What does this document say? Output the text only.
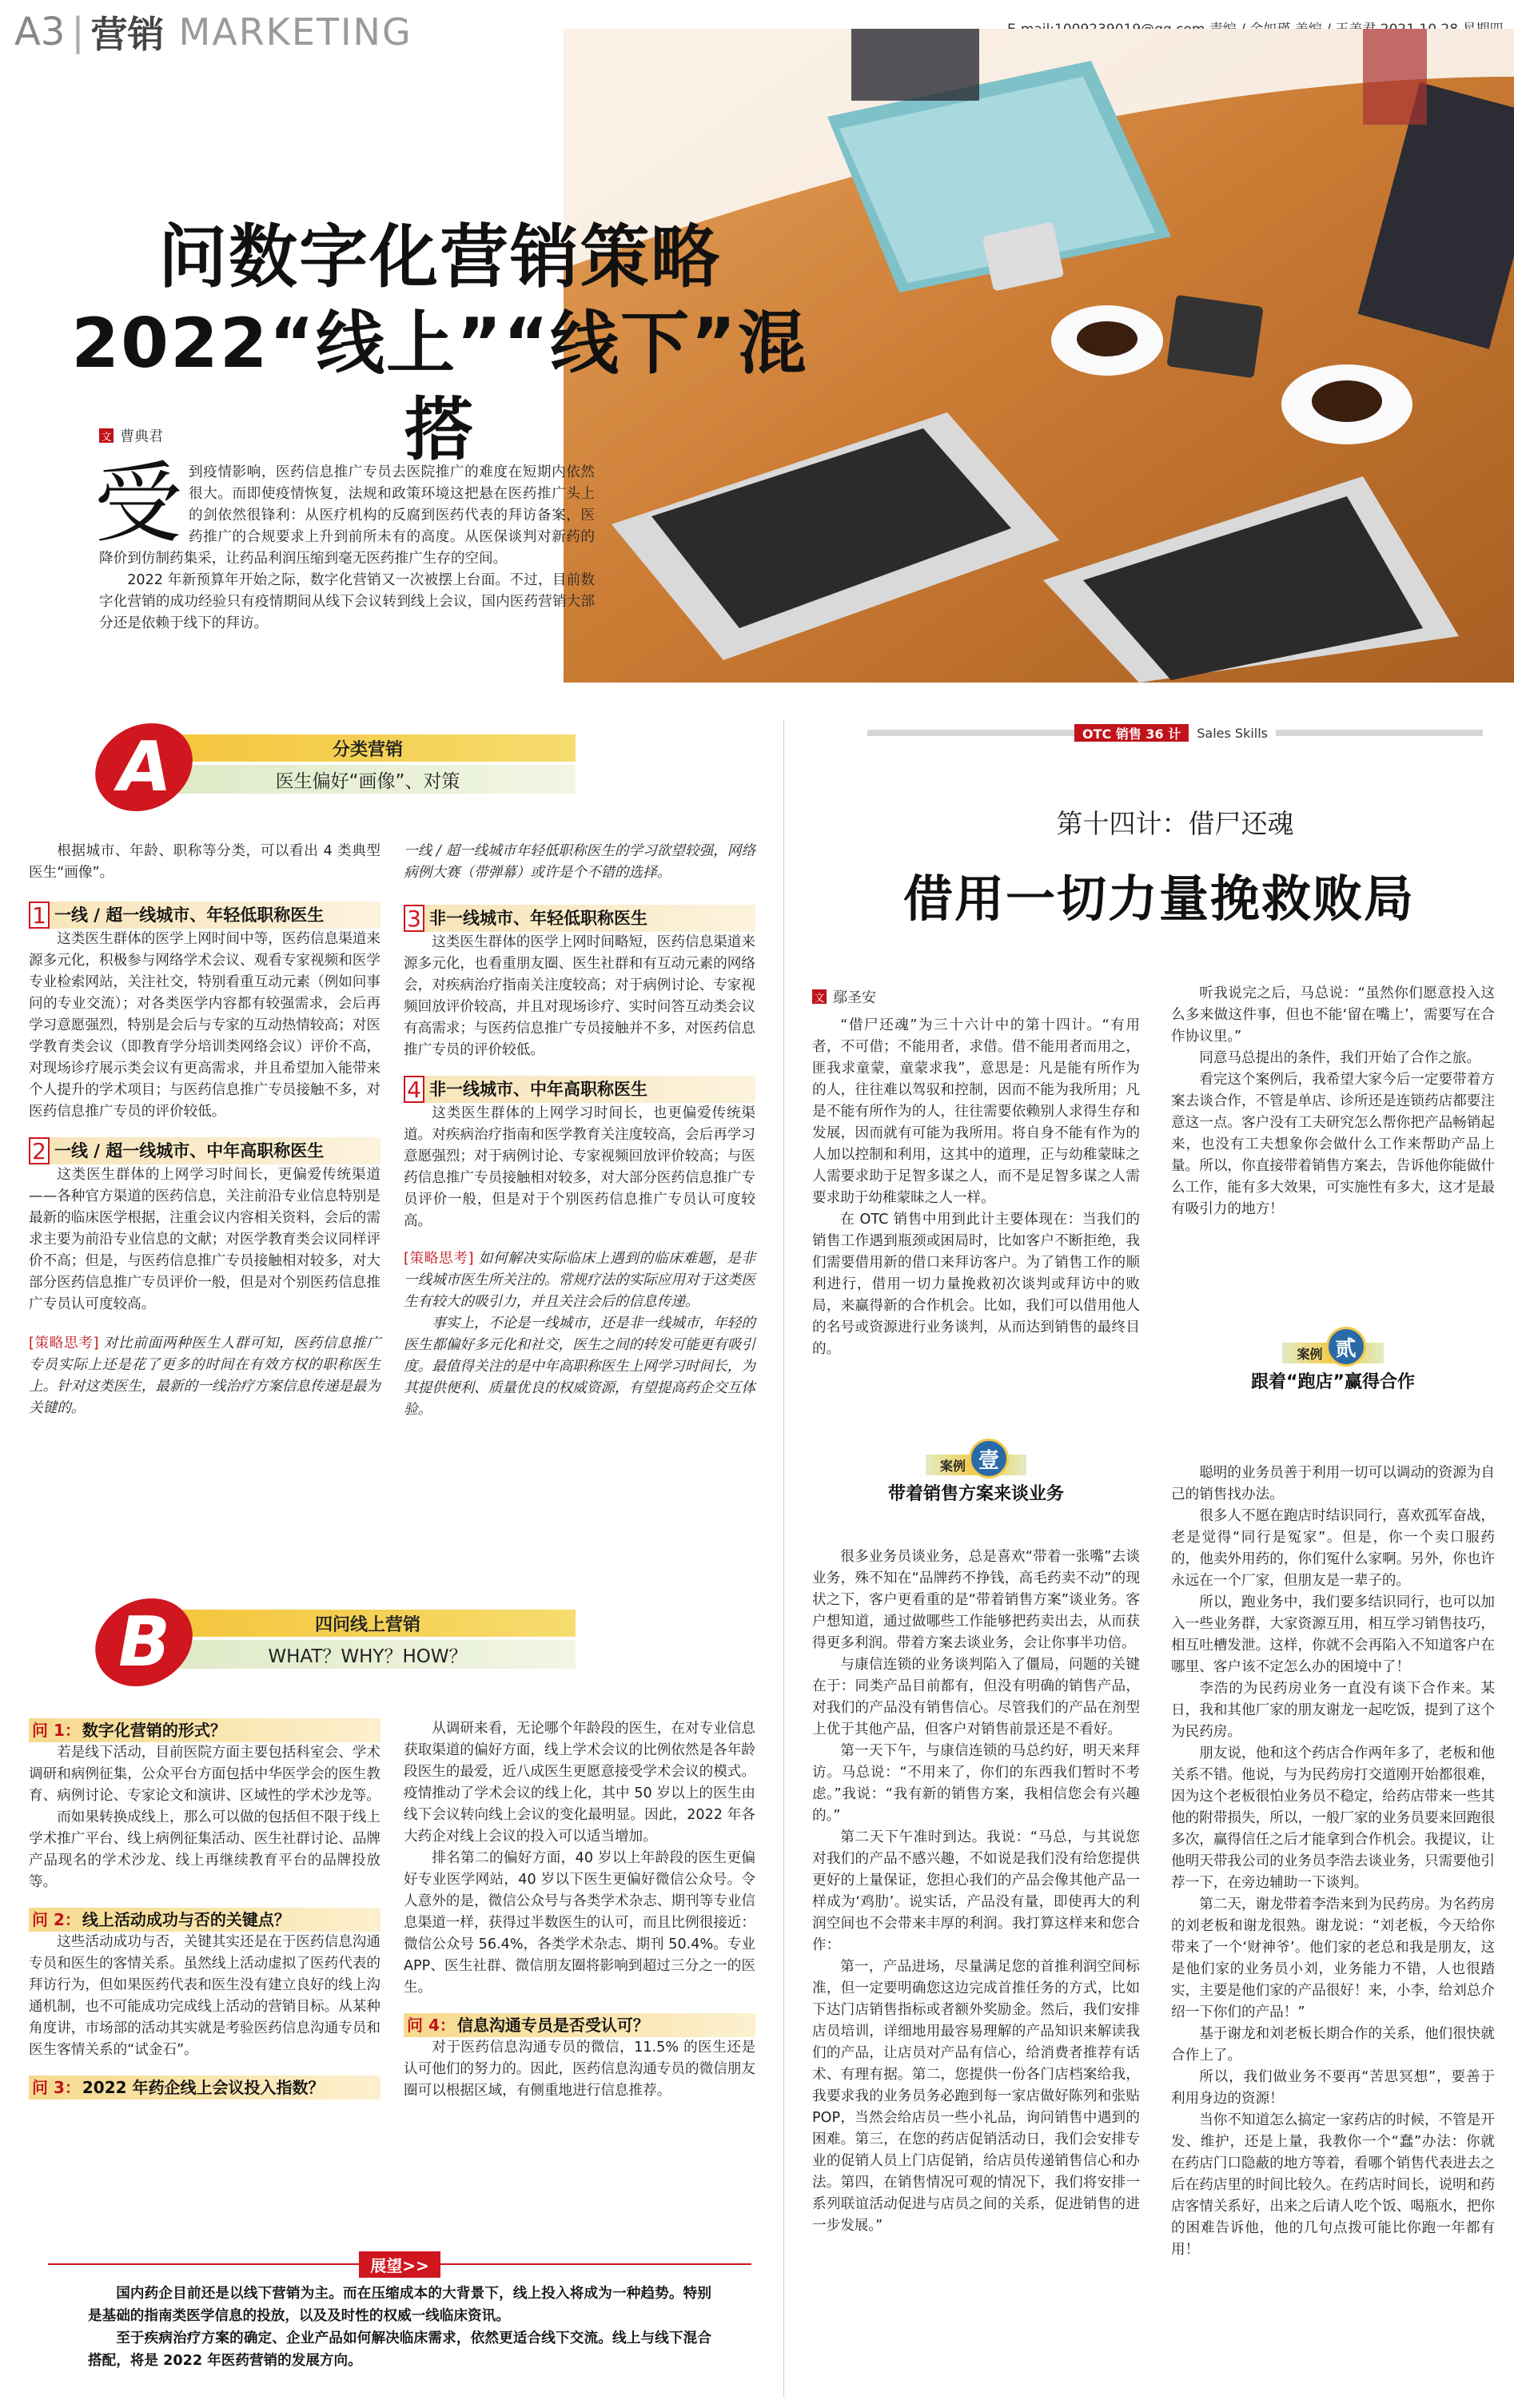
A3 | 营销 MARKETING
问数字化营销策略
2022“线上”“线下”混搭
文 曹典君
受 到疫情影响，医药信息推广专员去医院推广的难度在短期内依然很大。而即使疫情恢复，法规和政策环境这把悬在医药推广头上的剑依然很锋利：从医疗机构的反腐到医药代表的拜访备案，医药推广的合规要求上升到前所未有的高度。从医保谈判对新药的降价到仿制药集采，让药品利润压缩到毫无医药推广生存的空间。

2022 年新预算年开始之际，数字化营销又一次被摆上台面。不过，目前数字化营销的成功经验只有疫情期间从线下会议转到线上会议，国内医药营销大部分还是依赖于线下的拜访。

分类营销
医生偏好“画像”、对策
A

根据城市、年龄、职称等分类，可以看出 4 类典型医生“画像”。

1 一线 / 超一线城市、年轻低职称医生

这类医生群体的医学上网时间中等，医药信息渠道来源多元化，积极参与网络学术会议、观看专家视频和医学专业检索网站，关注社交，特别看重互动元素（例如问事问的专业交流）；对各类医学内容都有较强需求，会后再学习意愿强烈，特别是会后与专家的互动热情较高；对医学教育类会议（即教育学分培训类网络会议）评价不高，对现场诊疗展示类会议有更高需求，并且希望加入能带来个人提升的学术项目；与医药信息推广专员接触不多，对医药信息推广专员的评价较低。

2 一线 / 超一线城市、中年高职称医生

这类医生群体的上网学习时间长，更偏爱传统渠道——各种官方渠道的医药信息，关注前沿专业信息特别是最新的临床医学根据，注重会议内容相关资料，会后的需求主要为前沿专业信息的文献；对医学教育类会议同样评价不高；但是，与医药信息推广专员接触相对较多，对大部分医药信息推广专员评价一般，但是对个别医药信息推广专员认可度较高。

[策略思考] 对比前面两种医生人群可知，医药信息推广专员实际上还是花了更多的时间在有效方权的职称医生上。针对这类医生，最新的一线治疗方案信息传递是最为关键的。
一线 / 超一线城市年轻低职称医生的学习欲望较强，网络病例大赛（带弹幕）或许是个不错的选择。
3 非一线城市、年轻低职称医生

这类医生群体的医学上网时间略短，医药信息渠道来源多元化，也看重朋友圈、医生社群和有互动元素的网络会，对疾病治疗指南关注度较高；对于病例讨论、专家视频回放评价较高，并且对现场诊疗、实时问答互动类会议有高需求；与医药信息推广专员接触并不多，对医药信息推广专员的评价较低。

4 非一线城市、中年高职称医生

这类医生群体的上网学习时间长，也更偏爱传统渠道。对疾病治疗指南和医学教育关注度较高，会后再学习意愿强烈；对于病例讨论、专家视频回放评价较高；与医药信息推广专员接触相对较多，对大部分医药信息推广专员评价一般，但是对于个别医药信息推广专员认可度较高。

[策略思考] 如何解决实际临床上遇到的临床难题，是非一线城市医生所关注的。常规疗法的实际应用对于这类医生有较大的吸引力，并且关注会后的信息传递。
事实上，不论是一线城市，还是非一线城市，年轻的医生都偏好多元化和社交，医生之间的转发可能更有吸引度。最值得关注的是中年高职称医生上网学习时间长，为其提供便利、质量优良的权威资源，有望提高药企交互体验。
四问线上营销
WHAT？WHY？HOW？
B
问 1： 数字化营销的形式？

若是线下活动，目前医院方面主要包括科室会、学术调研和病例征集，公众平台方面包括中华医学会的医生教育、病例讨论、专家论文和演讲、区域性的学术沙龙等。

而如果转换成线上，那么可以做的包括但不限于线上学术推广平台、线上病例征集活动、医生社群讨论、品牌产品现名的学术沙龙、线上再继续教育平台的品牌投放等。

问 2： 线上活动成功与否的关键点？

这些活动成功与否，关键其实还是在于医药信息沟通专员和医生的客情关系。虽然线上活动虚拟了医药代表的拜访行为，但如果医药代表和医生没有建立良好的线上沟通机制，也不可能成功完成线上活动的营销目标。从某种角度讲，市场部的活动其实就是考验医药信息沟通专员和医生客情关系的“试金石”。

问 3： 2022 年药企线上会议投入指数？

从调研来看，无论哪个年龄段的医生，在对专业信息获取渠道的偏好方面，线上学术会议的比例依然是各年龄段医生的最爱，近八成医生更愿意接受学术会议的模式。疫情推动了学术会议的线上化，其中 50 岁以上的医生由线下会议转向线上会议的变化最明显。因此，2022 年各大药企对线上会议的投入可以适当增加。

排名第二的偏好方面，40 岁以上年龄段的医生更偏好专业医学网站，40 岁以下医生更偏好微信公众号。令人意外的是，微信公众号与各类学术杂志、期刊等专业信息渠道一样，获得过半数医生的认可，而且比例很接近：微信公众号 56.4%，各类学术杂志、期刊 50.4%。专业 APP、医生社群、微信朋友圈将影响到超过三分之一的医生。

问 4： 信息沟通专员是否受认可？

对于医药信息沟通专员的微信，11.5% 的医生还是认可他们的努力的。因此，医药信息沟通专员的微信朋友圈可以根据区域，有侧重地进行信息推荐。

展望>>

国内药企目前还是以线下营销为主。而在压缩成本的大背景下，线上投入将成为一种趋势。特别是基础的指南类医学信息的投放，以及及时性的权威一线临床资讯。

至于疾病治疗方案的确定、企业产品如何解决临床需求，依然更适合线下交流。线上与线下混合搭配，将是 2022 年医药营销的发展方向。

OTC 销售 36 计	Sales Skills
第十四计：借尸还魂
借用一切力量挽救败局
文 鄢圣安

“借尸还魂”为三十六计中的第十四计。“有用者，不可借；不能用者，求借。借不能用者而用之，匪我求童蒙，童蒙求我”，意思是：凡是能有所作为的人，往往难以驾驭和控制，因而不能为我所用；凡是不能有所作为的人，往往需要依赖别人求得生存和发展，因而就有可能为我所用。将自身不能有作为的人加以控制和利用，这其中的道理，正与幼稚蒙昧之人需要求助于足智多谋之人，而不是足智多谋之人需要求助于幼稚蒙昧之人一样。

在 OTC 销售中用到此计主要体现在：当我们的销售工作遇到瓶颈或困局时，比如客户不断拒绝，我们需要借用新的借口来拜访客户。为了销售工作的顺利进行，借用一切力量挽救初次谈判或拜访中的败局，来赢得新的合作机会。比如，我们可以借用他人的名号或资源进行业务谈判，从而达到销售的最终目的。

案例 壹
带着销售方案来谈业务

很多业务员谈业务，总是喜欢“带着一张嘴”去谈业务，殊不知在“品牌药不挣钱，高毛药卖不动”的现状之下，客户更看重的是“带着销售方案”谈业务。客户想知道，通过做哪些工作能够把药卖出去，从而获得更多利润。带着方案去谈业务，会让你事半功倍。

与康信连锁的业务谈判陷入了僵局，问题的关键在于：同类产品目前都有，但没有明确的销售产品，对我们的产品没有销售信心。尽管我们的产品在剂型上优于其他产品，但客户对销售前景还是不看好。

第一天下午，与康信连锁的马总约好，明天来拜访。马总说：“不用来了，你们的东西我们暂时不考虑。”我说：“我有新的销售方案，我相信您会有兴趣的。”

第二天下午准时到达。我说：“马总，与其说您对我们的产品不感兴趣，不如说是我们没有给您提供更好的上量保证，您担心我们的产品会像其他产品一样成为‘鸡肋’。说实话，产品没有量，即使再大的利润空间也不会带来丰厚的利润。我打算这样来和您合作：

第一，产品进场，尽量满足您的首推利润空间标准，但一定要明确您这边完成首推任务的方式，比如下达门店销售指标或者额外奖励金。然后，我们安排店员培训，详细地用最容易理解的产品知识来解读我们的产品，让店员对产品有信心，给消费者推荐有话术、有理有据。第二，您提供一份各门店档案给我，我要求我的业务员务必跑到每一家店做好陈列和张贴 POP，当然会给店员一些小礼品，询问销售中遇到的困难。第三，在您的药店促销活动日，我们会安排专业的促销人员上门店促销，给店员传递销售信心和办法。第四，在销售情况可观的情况下，我们将安排一系列联谊活动促进与店员之间的关系，促进销售的进一步发展。”

听我说完之后，马总说：“虽然你们愿意投入这么多来做这件事，但也不能‘留在嘴上’，需要写在合作协议里。”

同意马总提出的条件，我们开始了合作之旅。

看完这个案例后，我希望大家今后一定要带着方案去谈合作，不管是单店、诊所还是连锁药店都要注意这一点。客户没有工夫研究怎么帮你把产品畅销起来，也没有工夫想象你会做什么工作来帮助产品上量。所以，你直接带着销售方案去，告诉他你能做什么工作，能有多大效果，可实施性有多大，这才是最有吸引力的地方！

案例 贰
跟着“跑店”赢得合作

聪明的业务员善于利用一切可以调动的资源为自己的销售找办法。

很多人不愿在跑店时结识同行，喜欢孤军奋战，老是觉得“同行是冤家”。但是，你一个卖口服药的，他卖外用药的，你们冤什么家啊。另外，你也许永远在一个厂家，但朋友是一辈子的。

所以，跑业务中，我们要多结识同行，也可以加入一些业务群，大家资源互用，相互学习销售技巧，相互吐槽发泄。这样，你就不会再陷入不知道客户在哪里、客户该不定怎么办的困境中了！

李浩的为民药房业务一直没有谈下合作来。某日，我和其他厂家的朋友谢龙一起吃饭，提到了这个为民药房。

朋友说，他和这个药店合作两年多了，老板和他关系不错。他说，与为民药房打交道刚开始都很难，因为这个老板很怕业务员不稳定，给药店带来一些其他的附带损失，所以，一般厂家的业务员要来回跑很多次，赢得信任之后才能拿到合作机会。我提议，让他明天带我公司的业务员李浩去谈业务，只需要他引荐一下，在旁边辅助一下谈判。

第二天，谢龙带着李浩来到为民药房。为名药房的刘老板和谢龙很熟。谢龙说：“刘老板，今天给你带来了一个‘财神爷’。他们家的老总和我是朋友，这是他们家的业务员小刘，业务能力不错，人也很踏实，主要是他们家的产品很好！来，小李，给刘总介绍一下你们的产品！”

基于谢龙和刘老板长期合作的关系，他们很快就合作上了。

所以，我们做业务不要再“苦思冥想”，要善于利用身边的资源！

当你不知道怎么搞定一家药店的时候，不管是开发、维护，还是上量，我教你一个“蠢”办法：你就在药店门口隐蔽的地方等着，看哪个销售代表进去之后在药店里的时间比较久。在药店时间长，说明和药店客情关系好，出来之后请人吃个饭、喝瓶水，把你的困难告诉他，他的几句点拨可能比你跑一年都有用！
